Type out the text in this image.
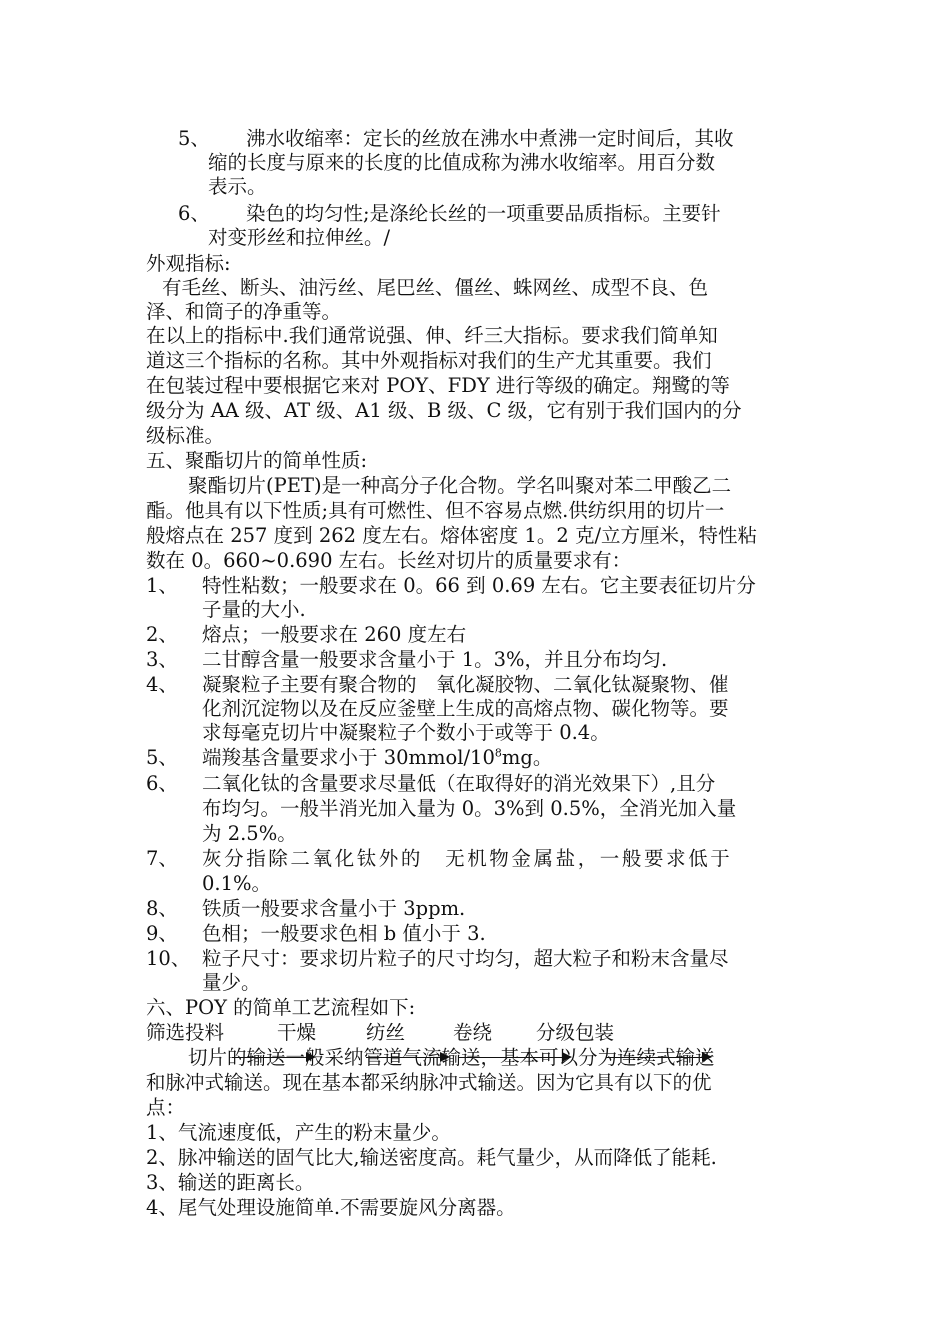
5、 沸水收缩率：定长的丝放在沸水中煮沸一定时间后，其收
缩的长度与原来的长度的比值成称为沸水收缩率。用百分数
表示。
6、 染色的均匀性;是涤纶长丝的一项重要品质指标。主要针
对变形丝和拉伸丝。/
外观指标:
有毛丝、断头、油污丝、尾巴丝、僵丝、蛛网丝、成型不良、色
泽、和筒子的净重等。
在以上的指标中.我们通常说强、伸、纤三大指标。要求我们简单知
道这三个指标的名称。其中外观指标对我们的生产尤其重要。我们
在包装过程中要根据它来对 POY、FDY 进行等级的确定。翔鹭的等
级分为 AA 级、AT 级、A1 级、B 级、C 级，它有别于我们国内的分
级标准。
五、聚酯切片的简单性质:
聚酯切片(PET)是一种高分子化合物。学名叫聚对苯二甲酸乙二
酯。他具有以下性质;具有可燃性、但不容易点燃.供纺织用的切片一
般熔点在 257 度到 262 度左右。熔体密度 1。2 克/立方厘米，特性粘
数在 0。660~0.690 左右。长丝对切片的质量要求有：
1、 特性粘数；一般要求在 0。66 到 0.69 左右。它主要表征切片分
子量的大小.
2、 熔点；一般要求在 260 度左右
3、 二甘醇含量一般要求含量小于 1。3%，并且分布均匀.
4、 凝聚粒子主要有聚合物的　氧化凝胶物、二氧化钛凝聚物、催
化剂沉淀物以及在反应釜壁上生成的高熔点物、碳化物等。要
求每毫克切片中凝聚粒子个数小于或等于 0.4。
5、 端羧基含量要求小于 $30mmol/10^8mg$。
6、 二氧化钛的含量要求尽量低（在取得好的消光效果下）,且分
布均匀。一般半消光加入量为 0。3%到 0.5%，全消光加入量
为 2.5%。
7、 灰分指除二氧化钛外的　无机物金属盐，一般要求低于
0.1%。
8、 铁质一般要求含量小于 3ppm.
9、 色相；一般要求色相 b 值小于 3.
10、 粒子尺寸：要求切片粒子的尺寸均匀，超大粒子和粉末含量尽
量少。
六、POY 的简单工艺流程如下:
筛选投料	干燥	纺丝 卷绕 分级包装
切片的输送一般采纳管道气流输送，基本可以分为连续式输送
和脉冲式输送。现在基本都采纳脉冲式输送。因为它具有以下的优
点：
1、气流速度低，产生的粉末量少。
2、脉冲输送的固气比大,输送密度高。耗气量少，从而降低了能耗.
3、输送的距离长。
4、尾气处理设施简单.不需要旋风分离器。
